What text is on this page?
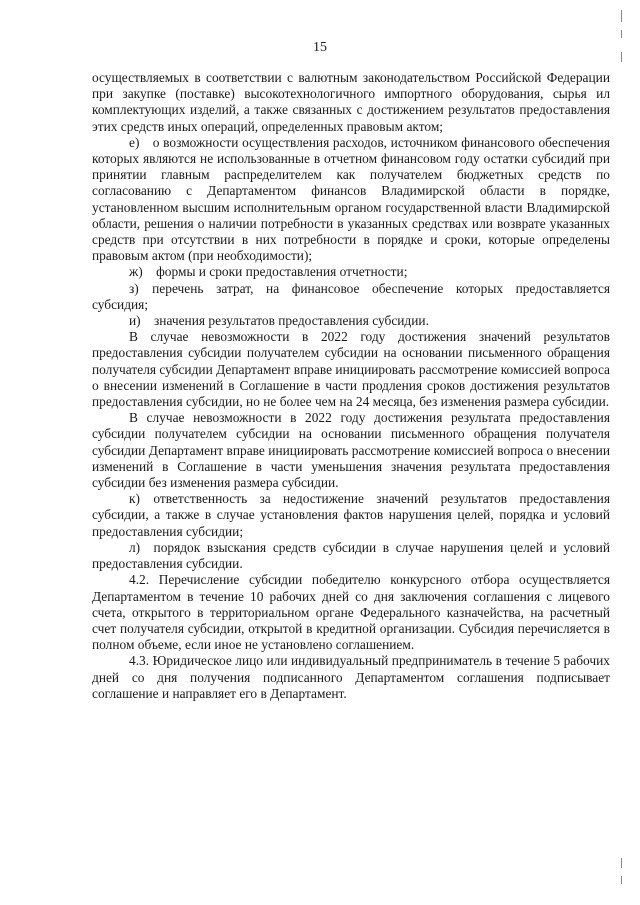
15

осуществляемых в соответствии с валютным законодательством Российской Федерации при закупке (поставке) высокотехнологичного импортного оборудования, сырья ил комплектующих изделий, а также связанных с достижением результатов предоставления этих средств иных операций, определенных правовым актом;

е) о возможности осуществления расходов, источником финансового обеспечения которых являются не использованные в отчетном финансовом году остатки субсидий при принятии главным распределителем как получателем бюджетных средств по согласованию с Департаментом финансов Владимирской области в порядке, установленном высшим исполнительным органом государственной власти Владимирской области, решения о наличии потребности в указанных средствах или возврате указанных средств при отсутствии в них потребности в порядке и сроки, которые определены правовым актом (при необходимости);

ж) формы и сроки предоставления отчетности;

з) перечень затрат, на финансовое обеспечение которых предоставляется субсидия;

и) значения результатов предоставления субсидии.

В случае невозможности в 2022 году достижения значений результатов предоставления субсидии получателем субсидии на основании письменного обращения получателя субсидии Департамент вправе инициировать рассмотрение комиссией вопроса о внесении изменений в Соглашение в части продления сроков достижения результатов предоставления субсидии, но не более чем на 24 месяца, без изменения размера субсидии.

В случае невозможности в 2022 году достижения результата предоставления субсидии получателем субсидии на основании письменного обращения получателя субсидии Департамент вправе инициировать рассмотрение комиссией вопроса о внесении изменений в Соглашение в части уменьшения значения результата предоставления субсидии без изменения размера субсидии.

к) ответственность за недостижение значений результатов предоставления субсидии, а также в случае установления фактов нарушения целей, порядка и условий предоставления субсидии;

л) порядок взыскания средств субсидии в случае нарушения целей и условий предоставления субсидии.

4.2. Перечисление субсидии победителю конкурсного отбора осуществляется Департаментом в течение 10 рабочих дней со дня заключения соглашения с лицевого счета, открытого в территориальном органе Федерального казначейства, на расчетный счет получателя субсидии, открытой в кредитной организации. Субсидия перечисляется в полном объеме, если иное не установлено соглашением.

4.3. Юридическое лицо или индивидуальный предприниматель в течение 5 рабочих дней со дня получения подписанного Департаментом соглашения подписывает соглашение и направляет его в Департамент.
